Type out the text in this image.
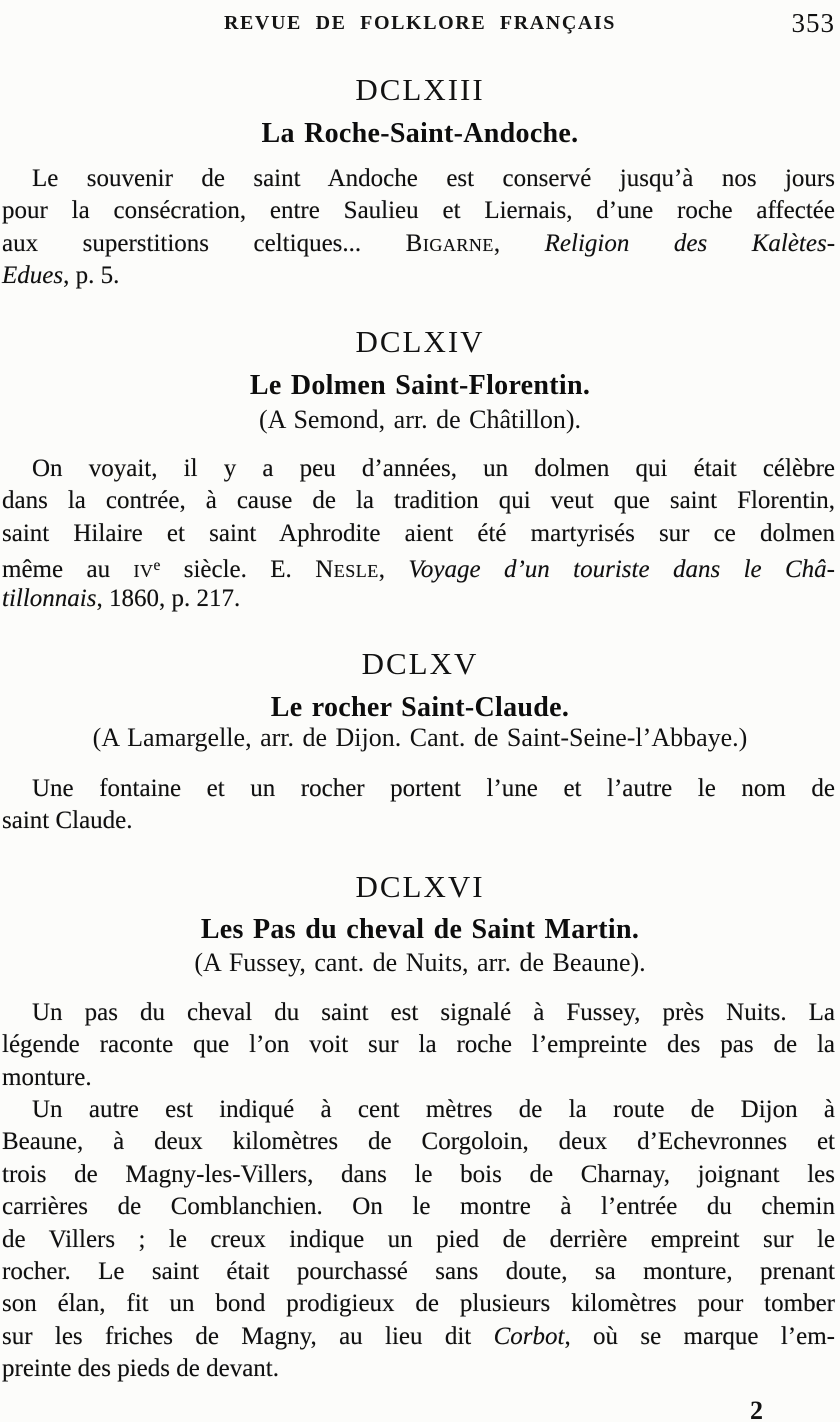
REVUE DE FOLKLORE FRANÇAIS	353
DCLXIII
La Roche-Saint-Andoche.
Le souvenir de saint Andoche est conservé jusqu’à nos jours
pour la consécration, entre Saulieu et Liernais, d’une roche affectée
aux superstitions celtiques... Bigarne, Religion des Kalètes-
Edues, p. 5.
DCLXIV
Le Dolmen Saint-Florentin.
(A Semond, arr. de Châtillon).
On voyait, il y a peu d’années, un dolmen qui était célèbre
dans la contrée, à cause de la tradition qui veut que saint Florentin,
saint Hilaire et saint Aphrodite aient été martyrisés sur ce dolmen
même au $iv^e$ siècle. E. Nesle, Voyage d’un touriste dans le Châ-
tillonnais, 1860, p. 217.
DCLXV
Le rocher Saint-Claude.
(A Lamargelle, arr. de Dijon. Cant. de Saint-Seine-l’Abbaye.)
Une fontaine et un rocher portent l’une et l’autre le nom de
saint Claude.
DCLXVI
Les Pas du cheval de Saint Martin.
(A Fussey, cant. de Nuits, arr. de Beaune).
Un pas du cheval du saint est signalé à Fussey, près Nuits. La
légende raconte que l’on voit sur la roche l’empreinte des pas de la
monture.
Un autre est indiqué à cent mètres de la route de Dijon à
Beaune, à deux kilomètres de Corgoloin, deux d’Echevronnes et
trois de Magny-les-Villers, dans le bois de Charnay, joignant les
carrières de Comblanchien. On le montre à l’entrée du chemin
de Villers ; le creux indique un pied de derrière empreint sur le
rocher. Le saint était pourchassé sans doute, sa monture, prenant
son élan, fit un bond prodigieux de plusieurs kilomètres pour tomber
sur les friches de Magny, au lieu dit Corbot, où se marque l’em-
preinte des pieds de devant.
2
